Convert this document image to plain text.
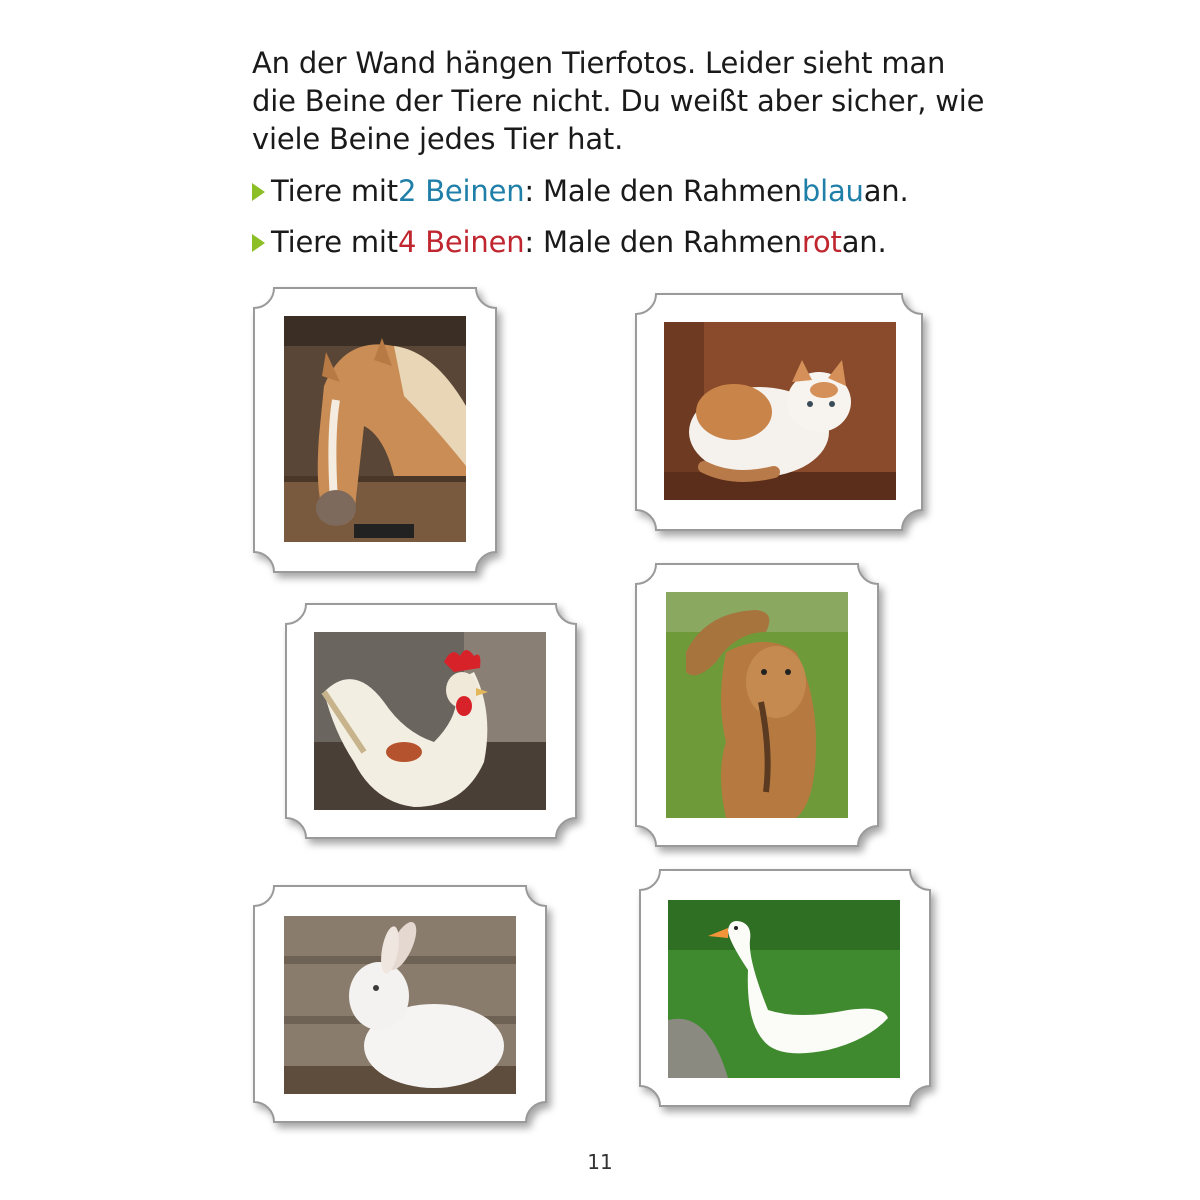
An der Wand hängen Tierfotos. Leider sieht man

die Beine der Tiere nicht. Du weißt aber sicher, wie

viele Beine jedes Tier hat.

Tiere mit 2 Beinen : Male den Rahmen blau an.
Tiere mit 4 Beinen : Male den Rahmen rot an.
11
